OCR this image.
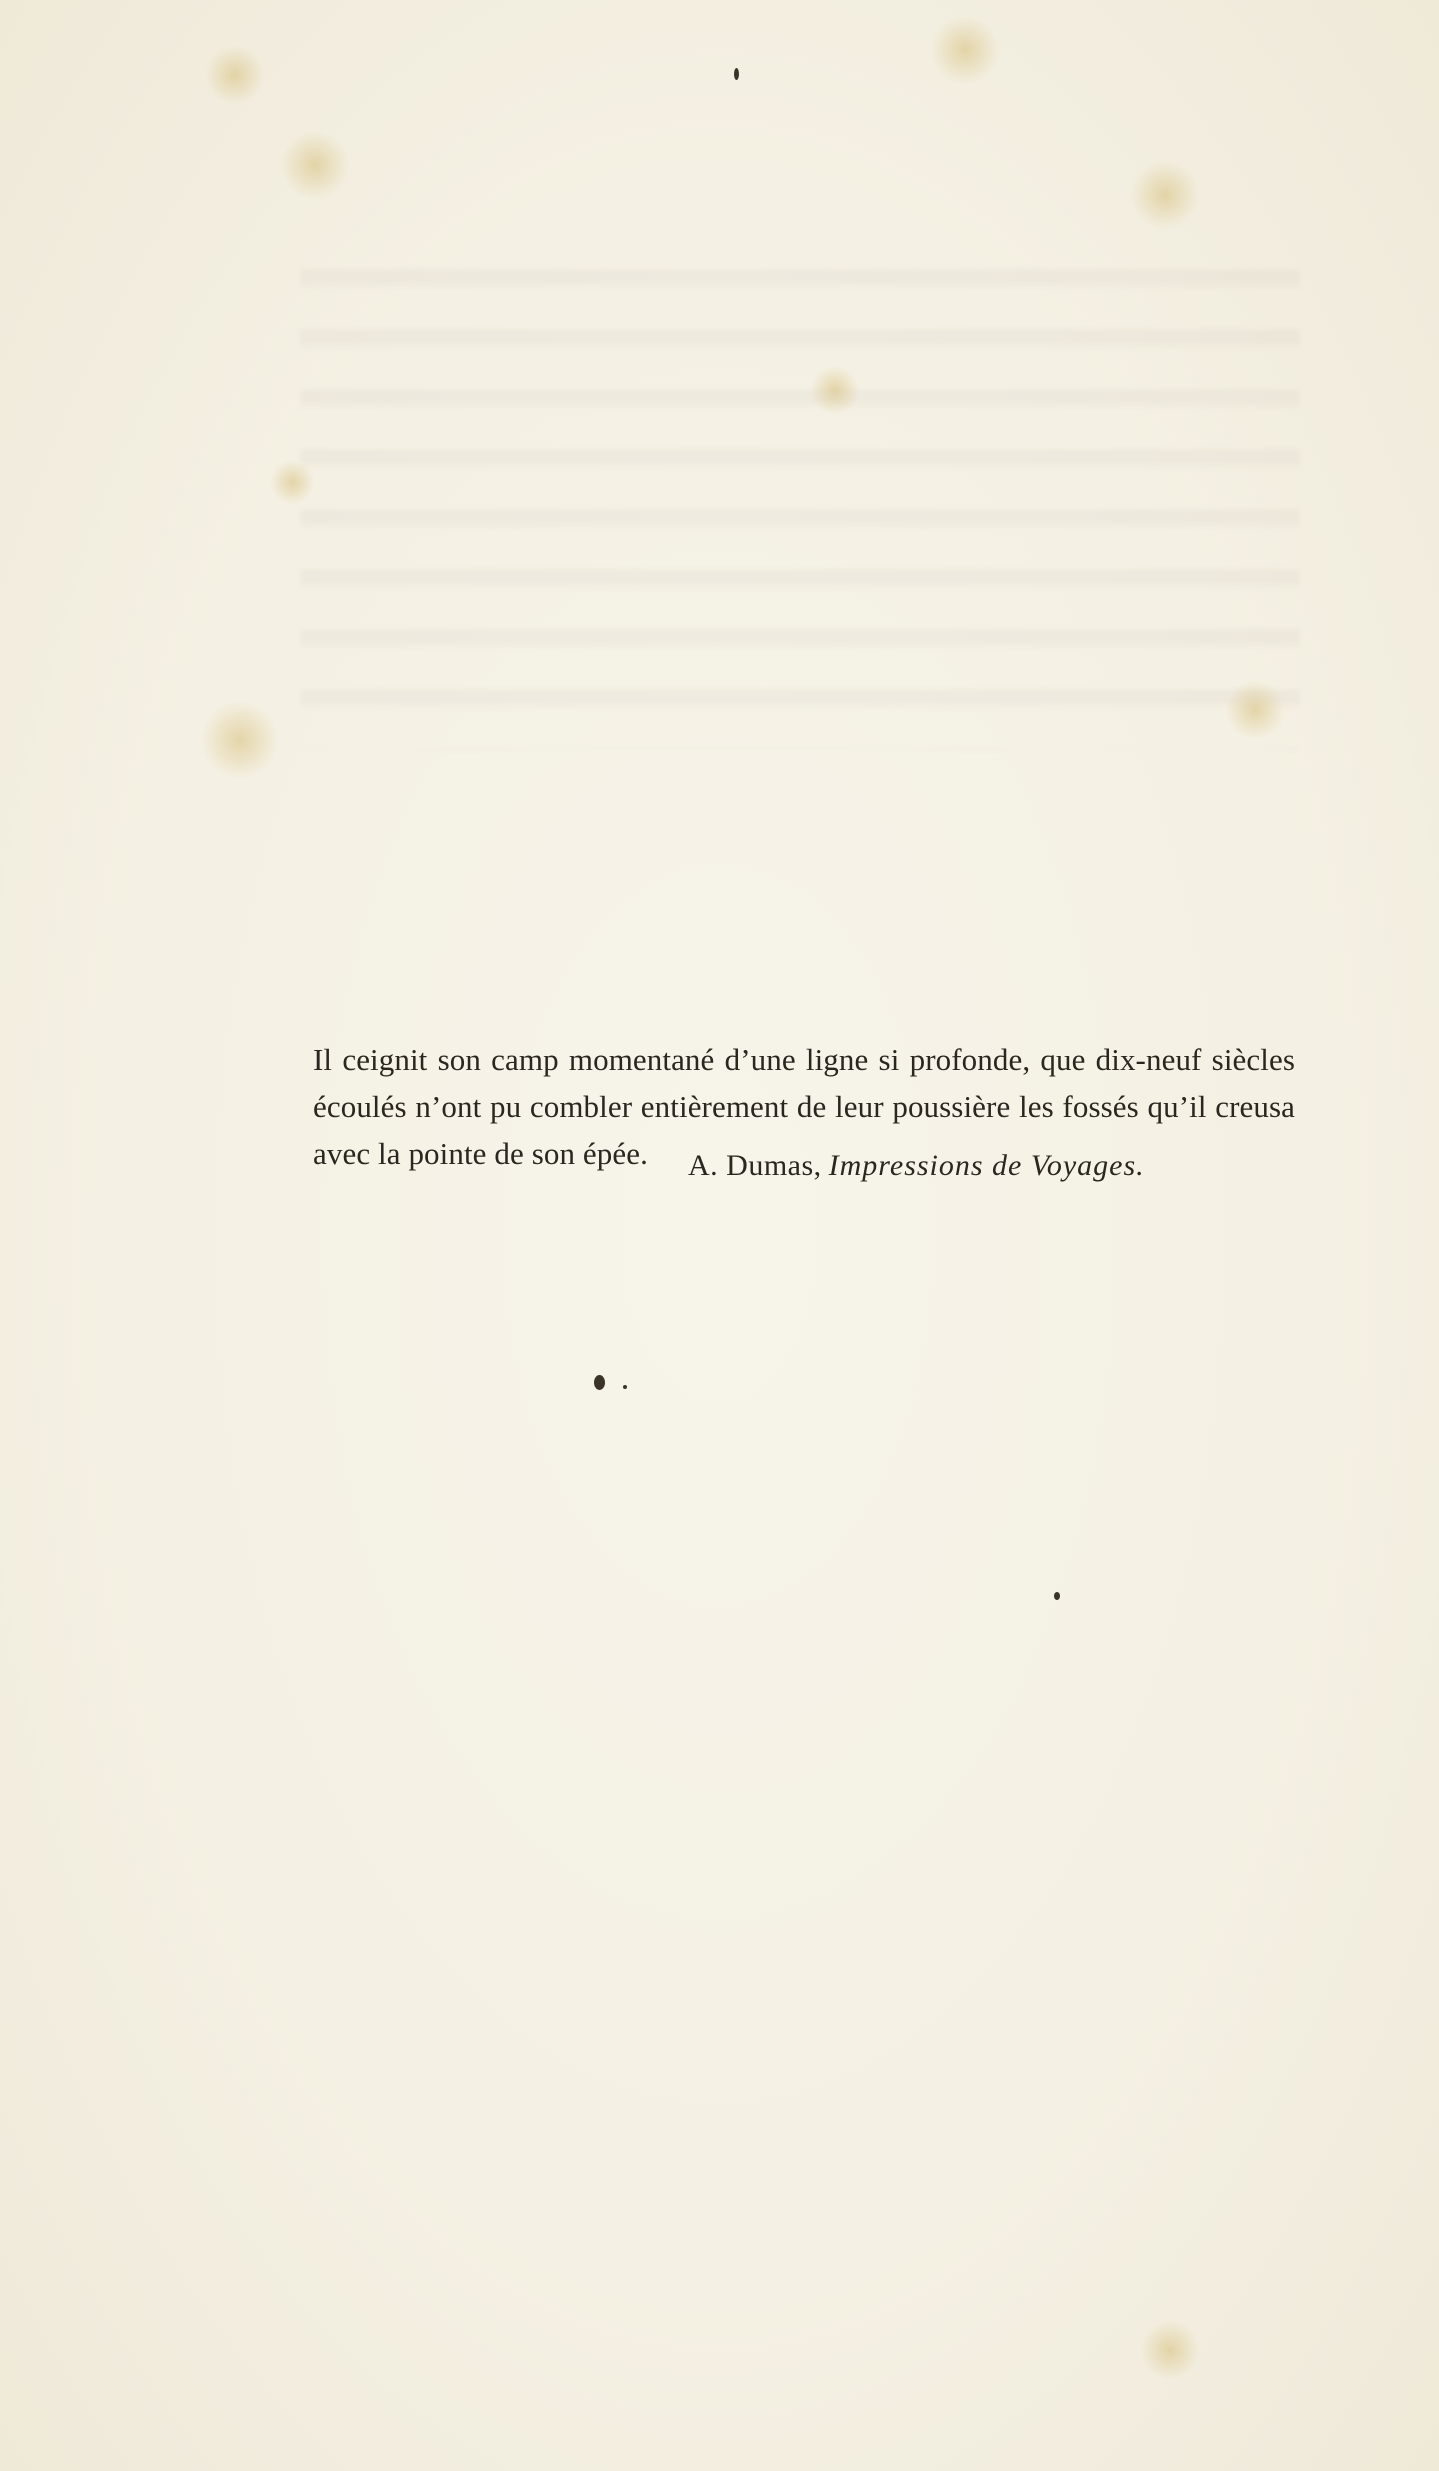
Il ceignit son camp momentané d’une ligne si profonde, que dix-neuf siècles écoulés n’ont pu combler entièrement de leur poussière les fossés qu’il creusa avec la pointe de son épée.	A. Dumas, Impressions de Voyages.
